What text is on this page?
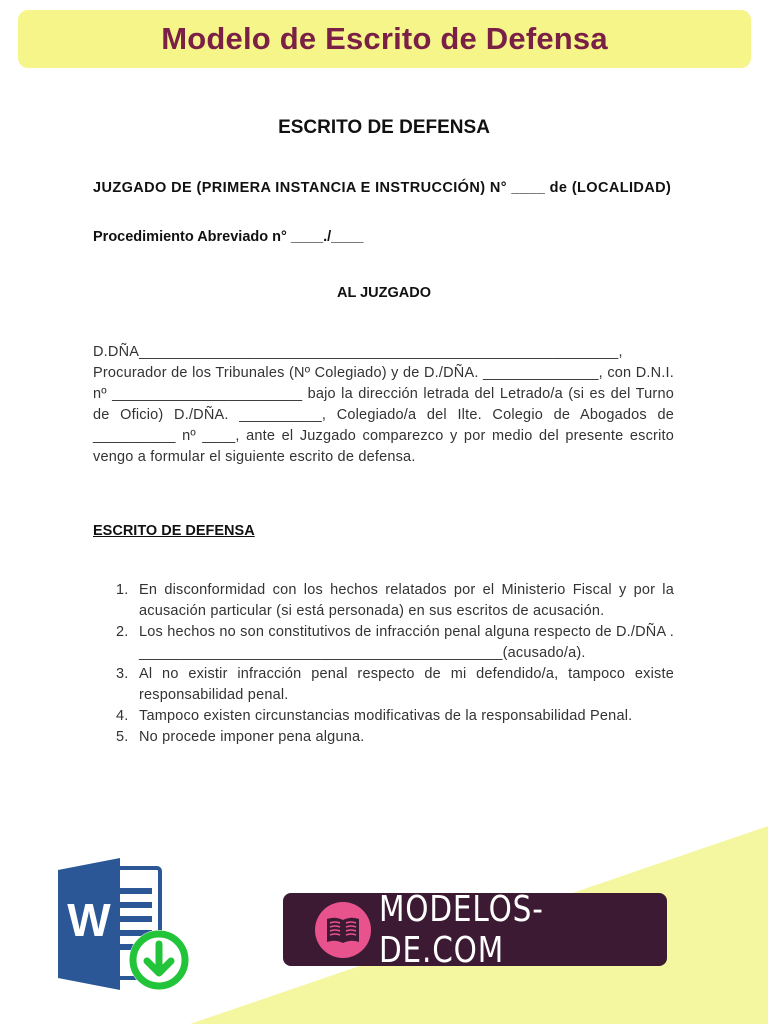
Modelo de Escrito de Defensa
ESCRITO DE DEFENSA
JUZGADO DE (PRIMERA INSTANCIA E INSTRUCCIÓN) N° ____ de (LOCALIDAD)
Procedimiento Abreviado n° ____./____
AL JUZGADO
D.DÑA__________________________________________________________, Procurador de los Tribunales (Nº Colegiado) y de D./DÑA. ______________, con D.N.I. nº _______________________ bajo la dirección letrada del Letrado/a (si es del Turno de Oficio) D./DÑA. __________, Colegiado/a del Ilte. Colegio de Abogados de __________ nº ____, ante el Juzgado comparezco y por medio del presente escrito vengo a formular el siguiente escrito de defensa.
ESCRITO DE DEFENSA
1. En disconformidad con los hechos relatados por el Ministerio Fiscal y por la acusación particular (si está personada) en sus escritos de acusación.
2. Los hechos no son constitutivos de infracción penal alguna respecto de D./DÑA . ____________________________________________(acusado/a).
3. Al no existir infracción penal respecto de mi defendido/a, tampoco existe responsabilidad penal.
4. Tampoco existen circunstancias modificativas de la responsabilidad Penal.
5. No procede imponer pena alguna.
W	MODELOS-DE.COM
